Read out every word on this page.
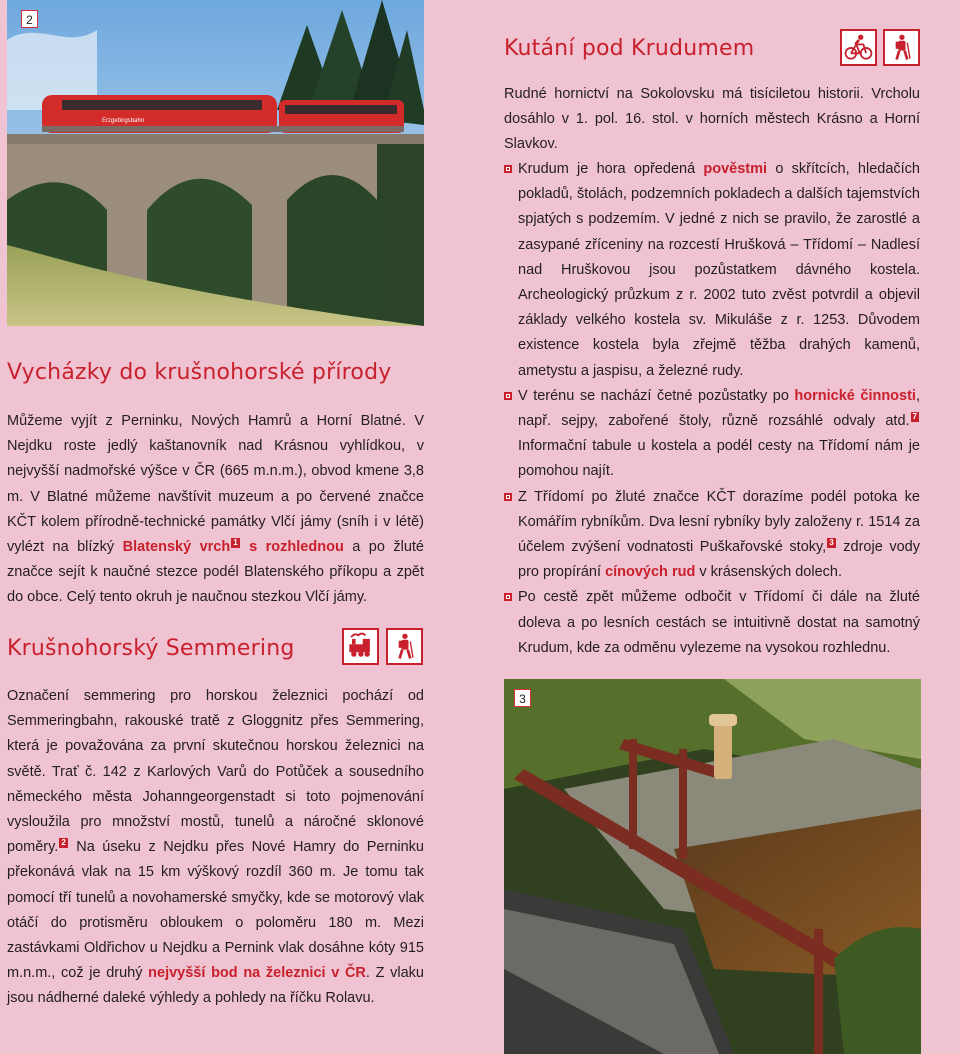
Erzgebirgsbahn
2
Vycházky do krušnohorské přírody

Můžeme vyjít z Perninku, Nových Hamrů a Horní Blatné. V Nejdku roste jedlý kaštanovník nad Krásnou vyhlídkou, v nejvyšší nadmořské výšce v ČR (665 m.n.m.), obvod kmene 3,8 m. V Blatné můžeme navštívit muzeum a po červené značce KČT kolem přírodně-technické památky Vlčí jámy (sníh i v létě) vylézt na blízký Blatenský vrch 1 s rozhlednou a po žluté značce sejít k naučné stezce podél Blatenského příkopu a zpět do obce. Celý tento okruh je naučnou stezkou Vlčí jámy.

Krušnohorský Semmering

Označení semmering pro horskou železnici pochází od Semmeringbahn, rakouské tratě z Gloggnitz přes Semmering, která je považována za první skutečnou horskou železnici na světě. Trať č. 142 z Karlových Varů do Potůček a sousedního německého města Johanngeorgenstadt si toto pojmenování vysloužila pro množství mostů, tunelů a náročné sklonové poměry. 2 Na úseku z Nejdku přes Nové Hamry do Perninku překonává vlak na 15 km výškový rozdíl 360 m. Je tomu tak pomocí tří tunelů a novohamerské smyčky, kde se motorový vlak otáčí do protisměru obloukem o poloměru 180 m. Mezi zastávkami Oldřichov u Nejdku a Pernink vlak dosáhne kóty 915 m.n.m., což je druhý nejvyšší bod na železnici v ČR. Z vlaku jsou nádherné daleké výhledy a pohledy na říčku Rolavu.

Kutání pod Krudumem

Rudné hornictví na Sokolovsku má tisíciletou historii. Vrcholu dosáhlo v 1. pol. 16. stol. v horních městech Krásno a Horní Slavkov.

Krudum je hora opředená pověstmi o skřítcích, hledačích pokladů, štolách, podzemních pokladech a dalších tajemstvích spjatých s podzemím. V jedné z nich se pravilo, že zarostlé a zasypané zříceniny na rozcestí Hrušková – Třídomí – Nadlesí nad Hruškovou jsou pozůstatkem dávného kostela. Archeologický průzkum z r. 2002 tuto zvěst potvrdil a objevil základy velkého kostela sv. Mikuláše z r. 1253. Důvodem existence kostela byla zřejmě těžba drahých kamenů, ametystu a jaspisu, a železné rudy.
V terénu se nachází četné pozůstatky po hornické činnosti, např. sejpy, zabořené štoly, různě rozsáhlé odvaly atd. 7 Informační tabule u kostela a podél cesty na Třídomí nám je pomohou najít.
Z Třídomí po žluté značce KČT dorazíme podél potoka ke Komářím rybníkům. Dva lesní rybníky byly založeny r. 1514 za účelem zvýšení vodnatosti Puškařovské stoky, 3 zdroje vody pro propírání cínových rud v krásenských dolech.
Po cestě zpět můžeme odbočit v Třídomí či dále na žluté doleva a po lesních cestách se intuitivně dostat na samotný Krudum, kde za odměnu vylezeme na vysokou rozhlednu.
3
